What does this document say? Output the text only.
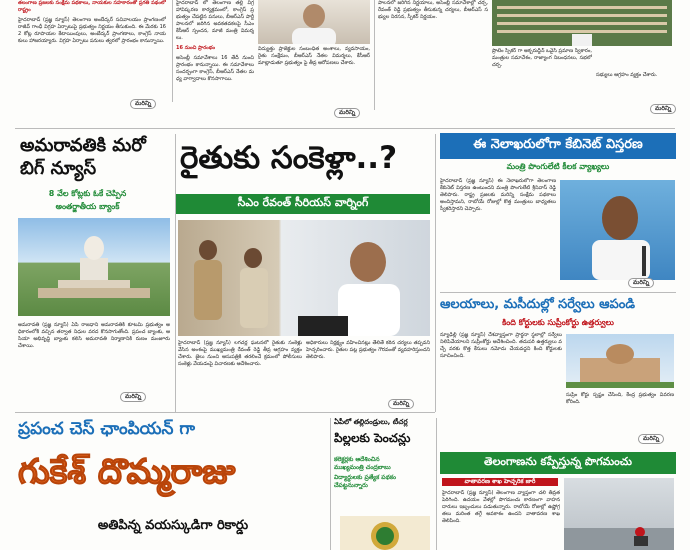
తలంగాణ ప్రజలకు సంక్షేమ పథకాలు, నాయకుల సహకారంతో ప్రగతి పథంలో రాష్ట్రం
హైదరాబాద్ (ప్రజ్ఞ న్యూస్) తెలంగాణ అంబేద్కర్ సచివాలయం ప్రాంగణంలో రాజీవ్ గాంధీ విగ్రహ ఏర్పాటుపై ప్రభుత్వం నిర్ణయం తీసుకుంది. ఈ మేరకు 162 కోట్ల రూపాయల కేటాయింపులు, అంబేద్కర్ ప్రాంగణాలు, కాంగ్రెస్ నాయకులు హాజరయ్యారు. విగ్రహ ఏర్పాటు పనులు త్వరలో ప్రారంభం కానున్నాయి.
మరిన్ని
హైదరాబాద్ లో తెలంగాణ తల్లి విగ్రహావిష్కరణ కార్యక్రమంలో, కాంగ్రెస్ ప్రభుత్వం చేపట్టిన పనులు, బీఆర్ఎస్ పార్టీ పాలనలో జరిగిన అవకతవకలపై సీఎం కేసీఆర్ స్పందన, మాజీ మంత్రి విమర్శలు.
16 నుంచి ప్రారంభం
అసెంబ్లీ సమావేశాలు 16 తేదీ నుంచి ప్రారంభం కానున్నాయి. ఈ సమావేశాలు సందర్భంగా కాంగ్రెస్, బీఆర్ఎస్ నేతల మధ్య వాగ్వాదాలు కొనసాగాయి.
విద్యుత్తు ప్రాజెక్టుల సంబంధిత అంశాలు, వ్యవసాయం, రైతు సంక్షేమం, బీఆర్ఎస్ నేతల విమర్శలు, కేసీఆర్ మాట్లాడుతూ ప్రభుత్వం పై తీవ్ర ఆరోపణలు చేశారు.
మరిన్ని
పాలనలో జరిగిన నిర్ణయాలు, అసెంబ్లీ సమావేశాల్లో చర్చ, రేవంత్ రెడ్డి ప్రభుత్వం తీసుకున్న చర్యలు, బీఆర్ఎస్ సభ్యుల నిరసన, స్పీకర్ నిర్ణయం.
ప్రొటెం స్పీకర్ గా అక్బరుద్దీన్ ఒవైసీ ప్రమాణ స్వీకారం, మంత్రుల సమావేశం, రాజ్యాంగ నిబంధనలు, సభలో చర్చ.
సభ్యులు ఆగ్రహం వ్యక్తం చేశారు.
మరిన్ని
అమరావతికి మరో బిగ్ న్యూస్
8 వేల కోట్లకు ఓకే చెప్పిన
అంతర్జాతీయ బ్యాంక్
అమరావతి (ప్రజ్ఞ న్యూస్) ఏపీ రాజధాని అమరావతికి కూటమి ప్రభుత్వం అధికారంలోకి వచ్చిన తర్వాత నిధుల వరద కొనసాగుతోంది. ప్రపంచ బ్యాంకు, ఆసియా అభివృద్ధి బ్యాంకు కలిసి అమరావతి నిర్మాణానికి రుణం మంజూరు చేశాయి.
మరిన్ని
రైతుకు సంకెళ్లా..?
సీఎం రేవంత్ సీరియస్ వార్నింగ్
హైదరాబాద్ (ప్రజ్ఞ న్యూస్) లగచర్ల ఘటనలో రైతుకు సంకెళ్లు వేసిన అంశంపై ముఖ్యమంత్రి రేవంత్ రెడ్డి తీవ్ర ఆగ్రహం వ్యక్తం చేశారు. జైలు నుంచి ఆసుపత్రికి తరలించే క్రమంలో పోలీసులు సంకెళ్లు వేయడంపై విచారణకు ఆదేశించారు.
అధికారులు నిర్లక్ష్యం వహించినట్లు తేలితే కఠిన చర్యలు తప్పవని హెచ్చరించారు. రైతుల పట్ల ప్రభుత్వం గౌరవంతో వ్యవహరిస్తుందని తెలిపారు.
మరిన్ని
ఈ నెలాఖరులోగా కేబినెట్ విస్తరణ
మంత్రి పొంగులేటి కీలక వ్యాఖ్యలు
హైదరాబాద్ (ప్రజ్ఞ న్యూస్) ఈ నెలాఖరులోగా తెలంగాణ కేబినెట్ విస్తరణ ఉంటుందని మంత్రి పొంగులేటి శ్రీనివాస్ రెడ్డి తెలిపారు. రాష్ట్ర ప్రజలకు మరిన్ని సంక్షేమ పథకాలు అందిస్తామని, రాబోయే రోజుల్లో కొత్త మంత్రులు బాధ్యతలు స్వీకరిస్తారని చెప్పారు.
మరిన్ని
ఆలయాలు, మసీదుల్లో సర్వేలు ఆపండి
కింది కోర్టులకు సుప్రీంకోర్టు ఉత్తర్వులు
న్యూఢిల్లీ (ప్రజ్ఞ న్యూస్) దేశవ్యాప్తంగా ప్రార్థనా స్థలాల్లో సర్వేలు నిలిపివేయాలని సుప్రీంకోర్టు ఆదేశించింది. తదుపరి ఉత్తర్వులు వచ్చే వరకు కొత్త కేసులు నమోదు చేయవద్దని కింది కోర్టులకు సూచించింది.
సుప్రీం కోర్టు స్పష్టం చేసింది, కేంద్ర ప్రభుత్వం వివరణ కోరింది.
మరిన్ని
ప్రపంచ చెస్ ఛాంపియన్ గా
గుకేశ్ దొమ్మరాజు
అతిపిన్న వయస్కుడిగా రికార్డు
ఏపీలో తల్లిదండ్రులు, టీచర్ల
పిల్లలకు పెంచన్లు
కలెక్టర్లకు ఆదేశించిన
ముఖ్యమంత్రి చంద్రబాబు
విద్యార్థులకు ప్రత్యేక పథకం
చేపట్టనున్నారు
తెలంగాణను కప్పేస్తున్న పొగమంచు
వాతావరణ శాఖ హెచ్చరిక జారీ
హైదరాబాద్ (ప్రజ్ఞ న్యూస్) తెలంగాణ వ్యాప్తంగా చలి తీవ్రత పెరిగింది. ఉదయం వేళల్లో పొగమంచు కారణంగా వాహనదారులు ఇబ్బందులు పడుతున్నారు. రాబోయే రోజుల్లో ఉష్ణోగ్రతలు మరింత తగ్గే అవకాశం ఉందని వాతావరణ శాఖ తెలిపింది.
